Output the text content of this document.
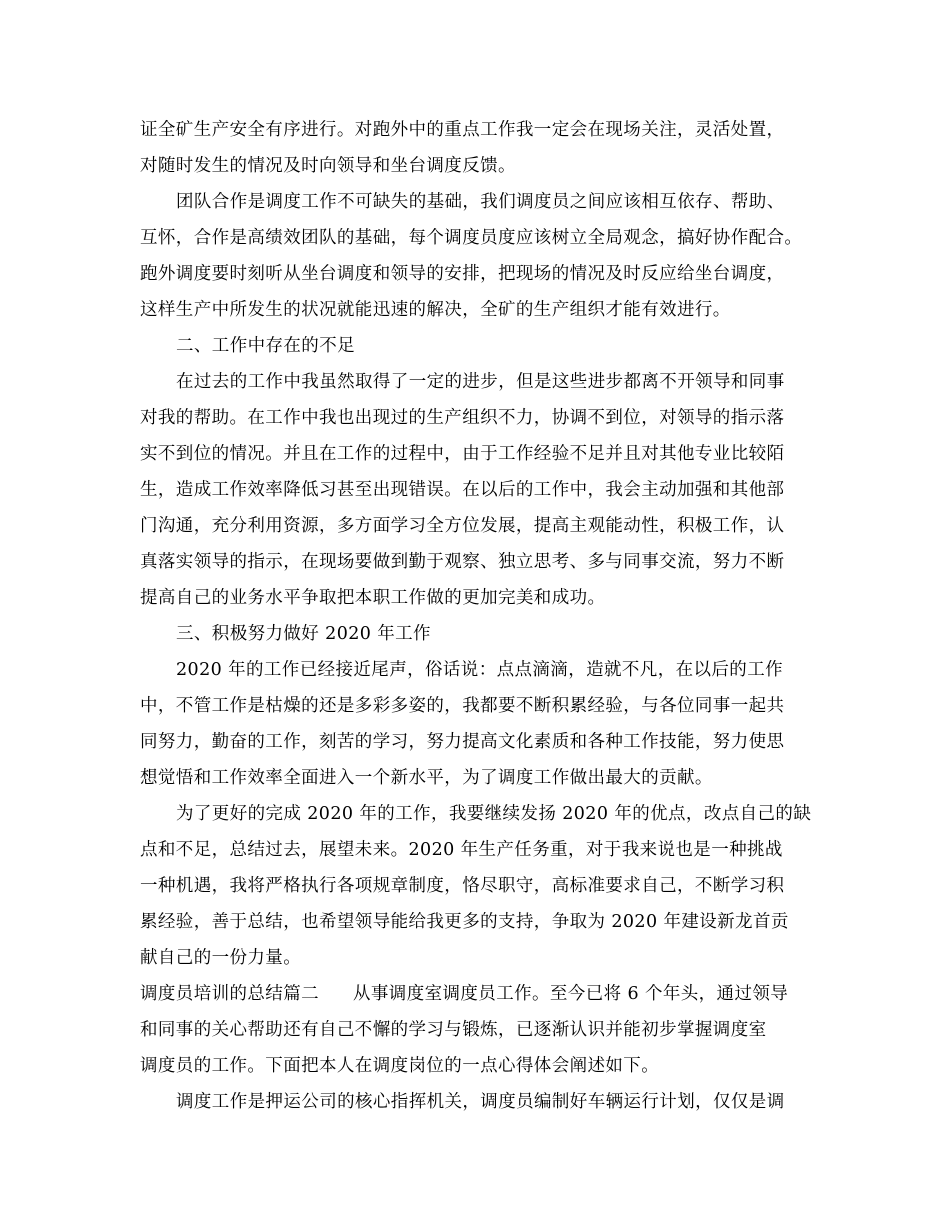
证全矿生产安全有序进行。对跑外中的重点工作我一定会在现场关注，灵活处置，
对随时发生的情况及时向领导和坐台调度反馈。
团队合作是调度工作不可缺失的基础，我们调度员之间应该相互依存、帮助、
互怀，合作是高绩效团队的基础，每个调度员度应该树立全局观念，搞好协作配合。
跑外调度要时刻听从坐台调度和领导的安排，把现场的情况及时反应给坐台调度，
这样生产中所发生的状况就能迅速的解决，全矿的生产组织才能有效进行。
二、工作中存在的不足
在过去的工作中我虽然取得了一定的进步，但是这些进步都离不开领导和同事
对我的帮助。在工作中我也出现过的生产组织不力，协调不到位，对领导的指示落
实不到位的情况。并且在工作的过程中，由于工作经验不足并且对其他专业比较陌
生，造成工作效率降低习甚至出现错误。在以后的工作中，我会主动加强和其他部
门沟通，充分利用资源，多方面学习全方位发展，提高主观能动性，积极工作，认
真落实领导的指示，在现场要做到勤于观察、独立思考、多与同事交流，努力不断
提高自己的业务水平争取把本职工作做的更加完美和成功。
三、积极努力做好 2020 年工作
2020 年的工作已经接近尾声，俗话说：点点滴滴，造就不凡，在以后的工作
中，不管工作是枯燥的还是多彩多姿的，我都要不断积累经验，与各位同事一起共
同努力，勤奋的工作，刻苦的学习，努力提高文化素质和各种工作技能，努力使思
想觉悟和工作效率全面进入一个新水平，为了调度工作做出最大的贡献。
为了更好的完成 2020 年的工作，我要继续发扬 2020 年的优点，改点自己的缺
点和不足，总结过去，展望未来。2020 年生产任务重，对于我来说也是一种挑战
一种机遇，我将严格执行各项规章制度，恪尽职守，高标准要求自己，不断学习积
累经验，善于总结，也希望领导能给我更多的支持，争取为 2020 年建设新龙首贡
献自己的一份力量。
调度员培训的总结篇二 从事调度室调度员工作。至今已将 6 个年头，通过领导
和同事的关心帮助还有自己不懈的学习与锻炼，已逐渐认识并能初步掌握调度室
调度员的工作。下面把本人在调度岗位的一点心得体会阐述如下。
调度工作是押运公司的核心指挥机关，调度员编制好车辆运行计划，仅仅是调
